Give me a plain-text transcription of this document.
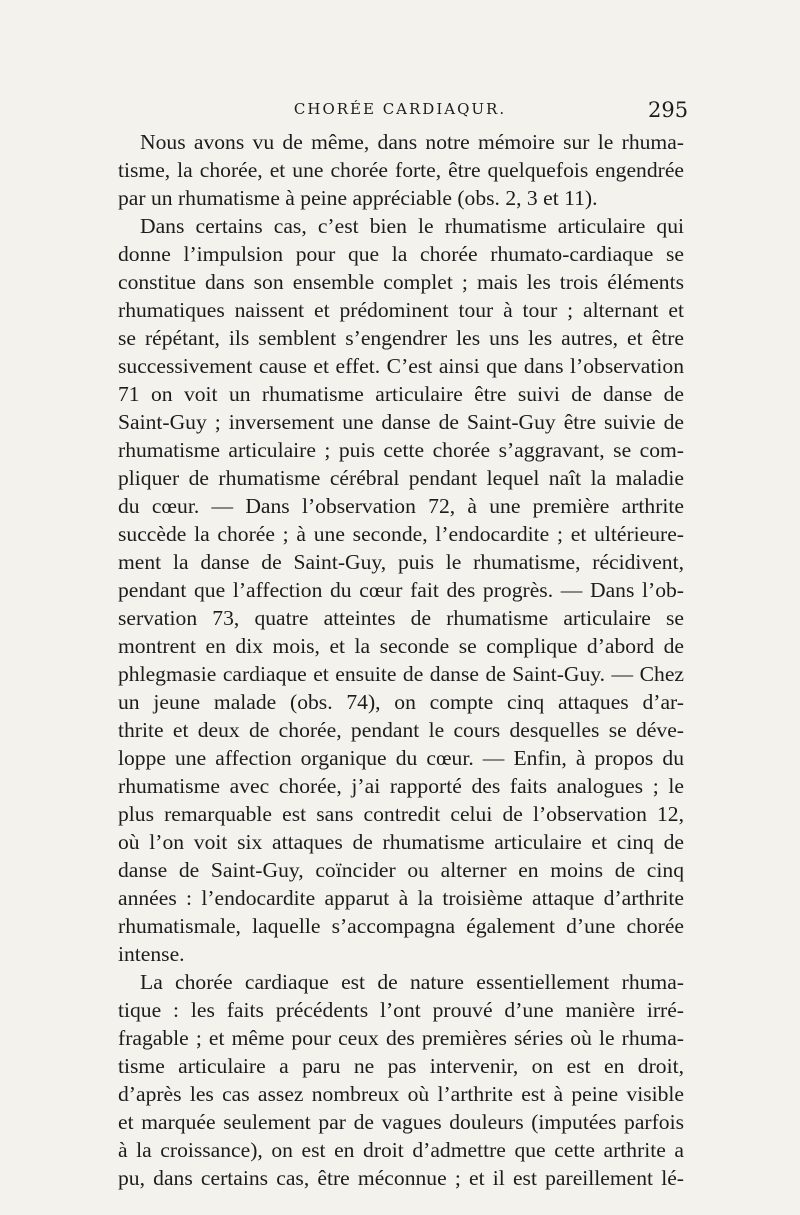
CHORÉE CARDIAQUR.	295
Nous avons vu de même, dans notre mémoire sur le rhuma-
tisme, la chorée, et une chorée forte, être quelquefois engendrée
par un rhumatisme à peine appréciable (obs. 2, 3 et 11).
Dans certains cas, c’est bien le rhumatisme articulaire qui
donne l’impulsion pour que la chorée rhumato-cardiaque se
constitue dans son ensemble complet ; mais les trois éléments
rhumatiques naissent et prédominent tour à tour ; alternant et
se répétant, ils semblent s’engendrer les uns les autres, et être
successivement cause et effet. C’est ainsi que dans l’observation
71 on voit un rhumatisme articulaire être suivi de danse de
Saint-Guy ; inversement une danse de Saint-Guy être suivie de
rhumatisme articulaire ; puis cette chorée s’aggravant, se com-
pliquer de rhumatisme cérébral pendant lequel naît la maladie
du cœur. — Dans l’observation 72, à une première arthrite
succède la chorée ; à une seconde, l’endocardite ; et ultérieure-
ment la danse de Saint-Guy, puis le rhumatisme, récidivent,
pendant que l’affection du cœur fait des progrès. — Dans l’ob-
servation 73, quatre atteintes de rhumatisme articulaire se
montrent en dix mois, et la seconde se complique d’abord de
phlegmasie cardiaque et ensuite de danse de Saint-Guy. — Chez
un jeune malade (obs. 74), on compte cinq attaques d’ar-
thrite et deux de chorée, pendant le cours desquelles se déve-
loppe une affection organique du cœur. — Enfin, à propos du
rhumatisme avec chorée, j’ai rapporté des faits analogues ; le
plus remarquable est sans contredit celui de l’observation 12,
où l’on voit six attaques de rhumatisme articulaire et cinq de
danse de Saint-Guy, coïncider ou alterner en moins de cinq
années : l’endocardite apparut à la troisième attaque d’arthrite
rhumatismale, laquelle s’accompagna également d’une chorée
intense.
La chorée cardiaque est de nature essentiellement rhuma-
tique : les faits précédents l’ont prouvé d’une manière irré-
fragable ; et même pour ceux des premières séries où le rhuma-
tisme articulaire a paru ne pas intervenir, on est en droit,
d’après les cas assez nombreux où l’arthrite est à peine visible
et marquée seulement par de vagues douleurs (imputées parfois
à la croissance), on est en droit d’admettre que cette arthrite a
pu, dans certains cas, être méconnue ; et il est pareillement lé-
